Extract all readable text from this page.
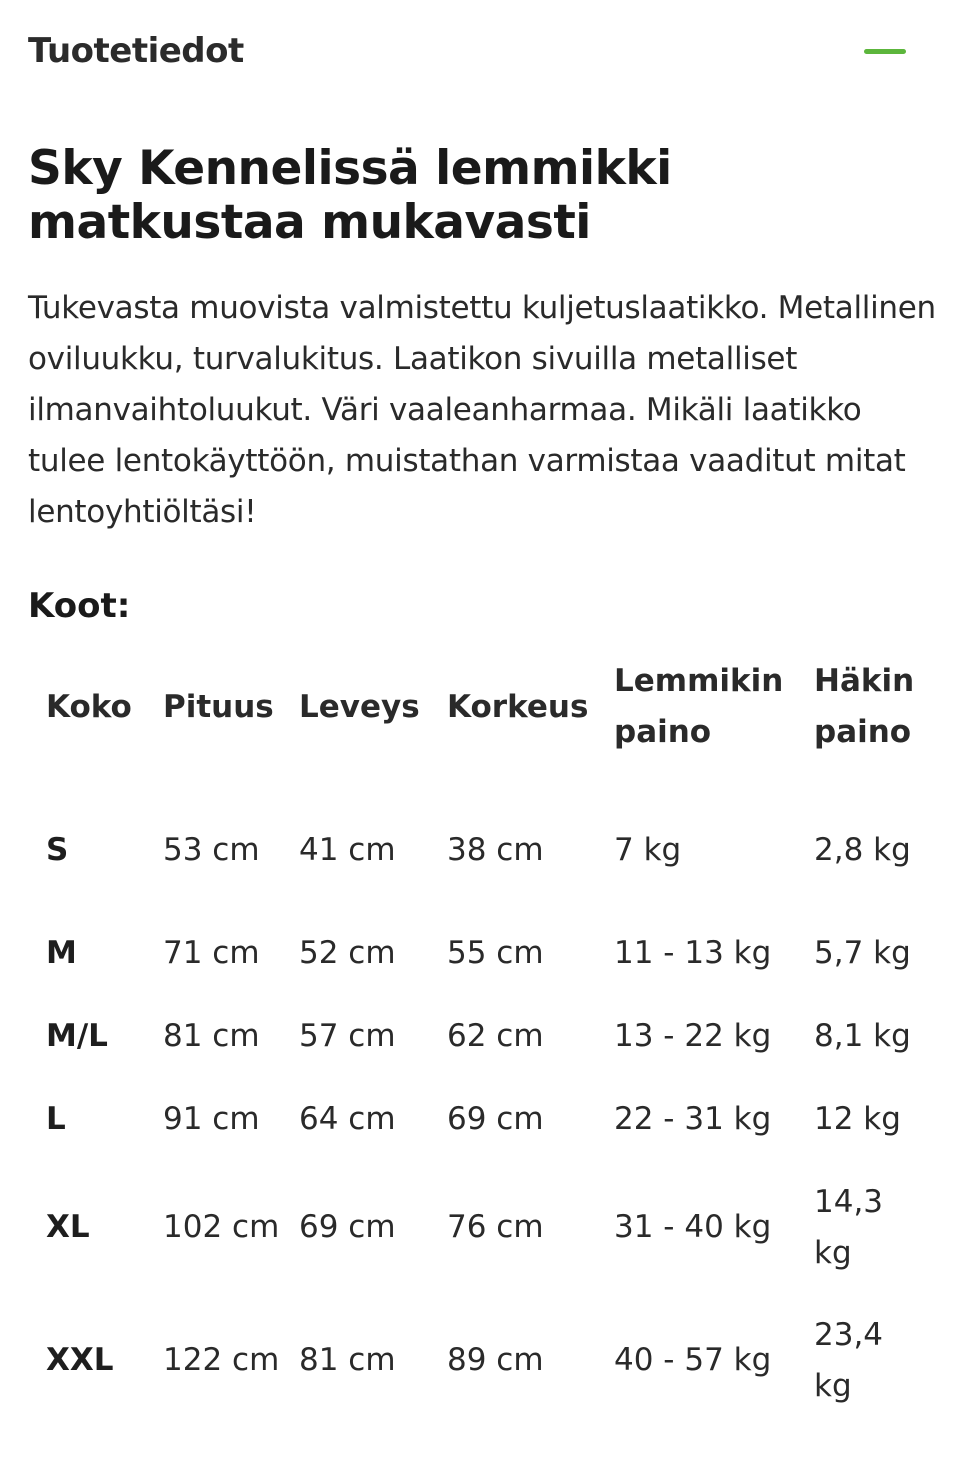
Tuotetiedot
Sky Kennelissä lemmikki matkustaa mukavasti

Tukevasta muovista valmistettu kuljetuslaatikko. Metallinen oviluukku, turvalukitus. Laatikon sivuilla metalliset ilmanvaihtoluukut. Väri vaaleanharmaa. Mikäli laatikko tulee lentokäyttöön, muistathan varmistaa vaaditut mitat lentoyhtiöltäsi!

Koot:
Koko	Pituus	Leveys	Korkeus	Lemmikin paino	Häkin paino
S	53 cm	41 cm	38 cm	7 kg	2,8 kg
M	71 cm	52 cm	55 cm	11 - 13 kg	5,7 kg
M/L	81 cm	57 cm	62 cm	13 - 22 kg	8,1 kg
L	91 cm	64 cm	69 cm	22 - 31 kg	12 kg
XL	102 cm	69 cm	76 cm	31 - 40 kg	14,3 kg
XXL	122 cm	81 cm	89 cm	40 - 57 kg	23,4 kg
